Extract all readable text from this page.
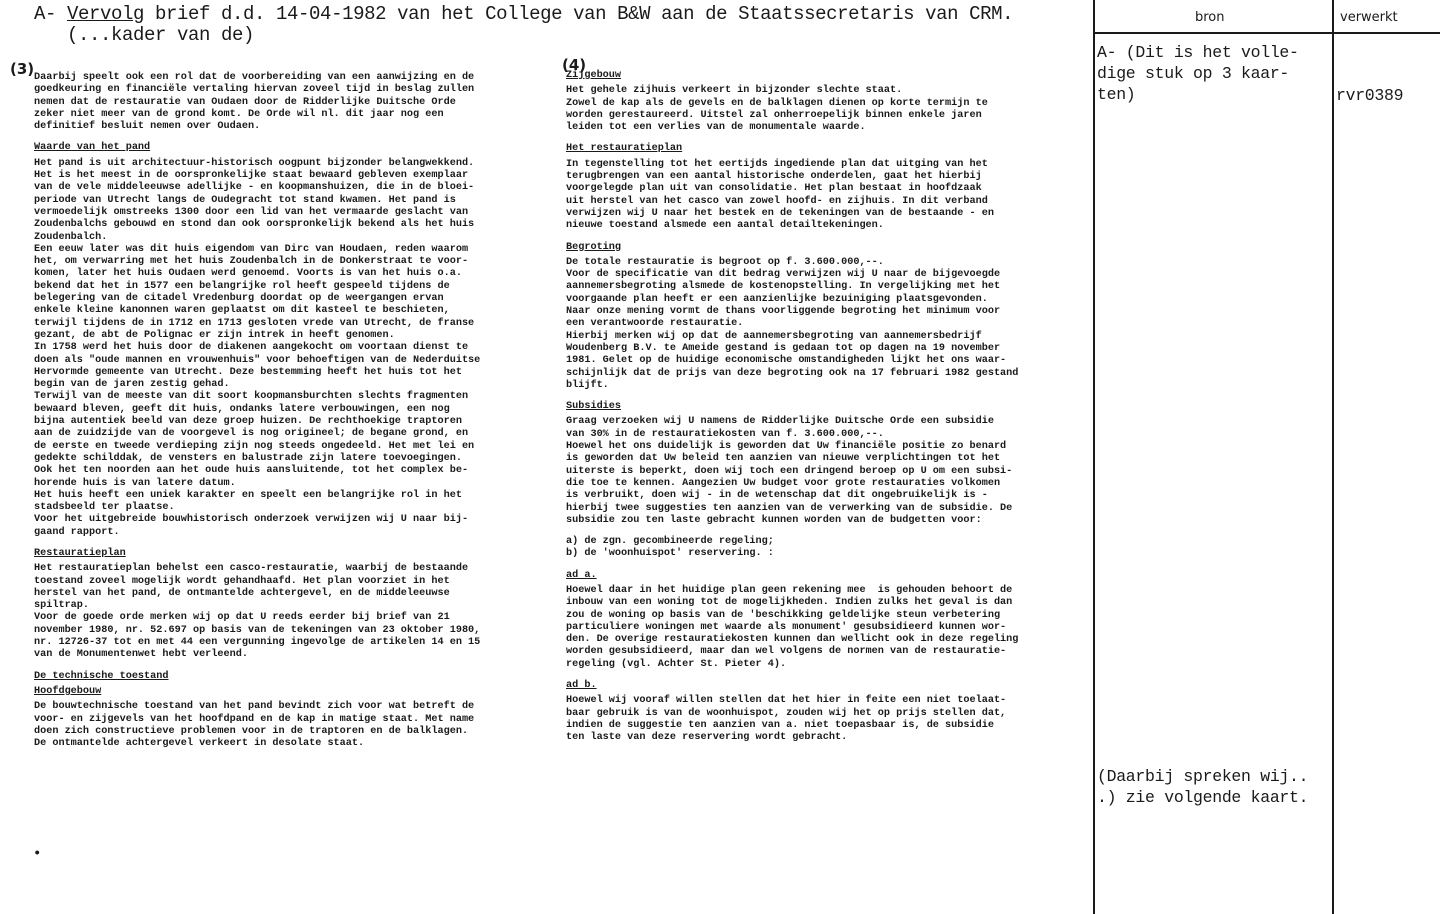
A- Vervolg brief d.d. 14-04-1982 van het College van B&W aan de Staatssecretaris van CRM.
(...kader van de)
(3) Daarbij speelt ook een rol dat de voorbereiding van een aanwijzing en de
goedkeuring en financiële vertaling hiervan zoveel tijd in beslag zullen
nemen dat de restauratie van Oudaen door de Ridderlijke Duitsche Orde
zeker niet meer van de grond komt. De Orde wil nl. dit jaar nog een
definitief besluit nemen over Oudaen.
Waarde van het pand
Het pand is uit architectuur-historisch oogpunt bijzonder belangwekkend.
Het is het meest in de oorspronkelijke staat bewaard gebleven exemplaar
van de vele middeleeuwse adellijke - en koopmanshuizen, die in de bloei-
periode van Utrecht langs de Oudegracht tot stand kwamen. Het pand is
vermoedelijk omstreeks 1300 door een lid van het vermaarde geslacht van
Zoudenbalchs gebouwd en stond dan ook oorspronkelijk bekend als het huis
Zoudenbalch.
Een eeuw later was dit huis eigendom van Dirc van Houdaen, reden waarom
het, om verwarring met het huis Zoudenbalch in de Donkerstraat te voor-
komen, later het huis Oudaen werd genoemd. Voorts is van het huis o.a.
bekend dat het in 1577 een belangrijke rol heeft gespeeld tijdens de
belegering van de citadel Vredenburg doordat op de weergangen ervan
enkele kleine kanonnen waren geplaatst om dit kasteel te beschieten,
terwijl tijdens de in 1712 en 1713 gesloten vrede van Utrecht, de franse
gezant, de abt de Polignac er zijn intrek in heeft genomen.
In 1758 werd het huis door de diakenen aangekocht om voortaan dienst te
doen als "oude mannen en vrouwenhuis" voor behoeftigen van de Nederduitse
Hervormde gemeente van Utrecht. Deze bestemming heeft het huis tot het
begin van de jaren zestig gehad.
Terwijl van de meeste van dit soort koopmansburchten slechts fragmenten
bewaard bleven, geeft dit huis, ondanks latere verbouwingen, een nog
bijna autentiek beeld van deze groep huizen. De rechthoekige traptoren
aan de zuidzijde van de voorgevel is nog origineel; de begane grond, en
de eerste en tweede verdieping zijn nog steeds ongedeeld. Het met lei en
gedekte schilddak, de vensters en balustrade zijn latere toevoegingen.
Ook het ten noorden aan het oude huis aansluitende, tot het complex be-
horende huis is van latere datum.
Het huis heeft een uniek karakter en speelt een belangrijke rol in het
stadsbeeld ter plaatse.
Voor het uitgebreide bouwhistorisch onderzoek verwijzen wij U naar bij-
gaand rapport.
Restauratieplan
Het restauratieplan behelst een casco-restauratie, waarbij de bestaande
toestand zoveel mogelijk wordt gehandhaafd. Het plan voorziet in het
herstel van het pand, de ontmantelde achtergevel, en de middeleeuwse
spiltrap.
Voor de goede orde merken wij op dat U reeds eerder bij brief van 21
november 1980, nr. 52.697 op basis van de tekeningen van 23 oktober 1980,
nr. 12726-37 tot en met 44 een vergunning ingevolge de artikelen 14 en 15
van de Monumentenwet hebt verleend.
De technische toestand
Hoofdgebouw
De bouwtechnische toestand van het pand bevindt zich voor wat betreft de
voor- en zijgevels van het hoofdpand en de kap in matige staat. Met name
doen zich constructieve problemen voor in de traptoren en de balklagen.
De ontmantelde achtergevel verkeert in desolate staat.
•
(4)
Zijgebouw
Het gehele zijhuis verkeert in bijzonder slechte staat.
Zowel de kap als de gevels en de balklagen dienen op korte termijn te
worden gerestaureerd. Uitstel zal onherroepelijk binnen enkele jaren
leiden tot een verlies van de monumentale waarde.
Het restauratieplan
In tegenstelling tot het eertijds ingediende plan dat uitging van het
terugbrengen van een aantal historische onderdelen, gaat het hierbij
voorgelegde plan uit van consolidatie. Het plan bestaat in hoofdzaak
uit herstel van het casco van zowel hoofd- en zijhuis. In dit verband
verwijzen wij U naar het bestek en de tekeningen van de bestaande - en
nieuwe toestand alsmede een aantal detailtekeningen.
Begroting
De totale restauratie is begroot op f. 3.600.000,--.
Voor de specificatie van dit bedrag verwijzen wij U naar de bijgevoegde
aannemersbegroting alsmede de kostenopstelling. In vergelijking met het
voorgaande plan heeft er een aanzienlijke bezuiniging plaatsgevonden.
Naar onze mening vormt de thans voorliggende begroting het minimum voor
een verantwoorde restauratie.
Hierbij merken wij op dat de aannemersbegroting van aannemersbedrijf
Woudenberg B.V. te Ameide gestand is gedaan tot op dagen na 19 november
1981. Gelet op de huidige economische omstandigheden lijkt het ons waar-
schijnlijk dat de prijs van deze begroting ook na 17 februari 1982 gestand
blijft.
Subsidies
Graag verzoeken wij U namens de Ridderlijke Duitsche Orde een subsidie
van 30% in de restauratiekosten van f. 3.600.000,--.
Hoewel het ons duidelijk is geworden dat Uw financiële positie zo benard
is geworden dat Uw beleid ten aanzien van nieuwe verplichtingen tot het
uiterste is beperkt, doen wij toch een dringend beroep op U om een subsi-
die toe te kennen. Aangezien Uw budget voor grote restauraties volkomen
is verbruikt, doen wij - in de wetenschap dat dit ongebruikelijk is -
hierbij twee suggesties ten aanzien van de verwerking van de subsidie. De
subsidie zou ten laste gebracht kunnen worden van de budgetten voor:
a) de zgn. gecombineerde regeling;
b) de 'woonhuispot' reservering. :
ad a.
Hoewel daar in het huidige plan geen rekening mee  is gehouden behoort de
inbouw van een woning tot de mogelijkheden. Indien zulks het geval is dan
zou de woning op basis van de 'beschikking geldelijke steun verbetering
particuliere woningen met waarde als monument' gesubsidieerd kunnen wor-
den. De overige restauratiekosten kunnen dan wellicht ook in deze regeling
worden gesubsidieerd, maar dan wel volgens de normen van de restauratie-
regeling (vgl. Achter St. Pieter 4).
ad b.
Hoewel wij vooraf willen stellen dat het hier in feite een niet toelaat-
baar gebruik is van de woonhuispot, zouden wij het op prijs stellen dat,
indien de suggestie ten aanzien van a. niet toepasbaar is, de subsidie
ten laste van deze reservering wordt gebracht.
bron	verwerkt
A- (Dit is het volle-
dige stuk op 3 kaar-
ten)	rvr0389
(Daarbij spreken wij..
.) zie volgende kaart.
